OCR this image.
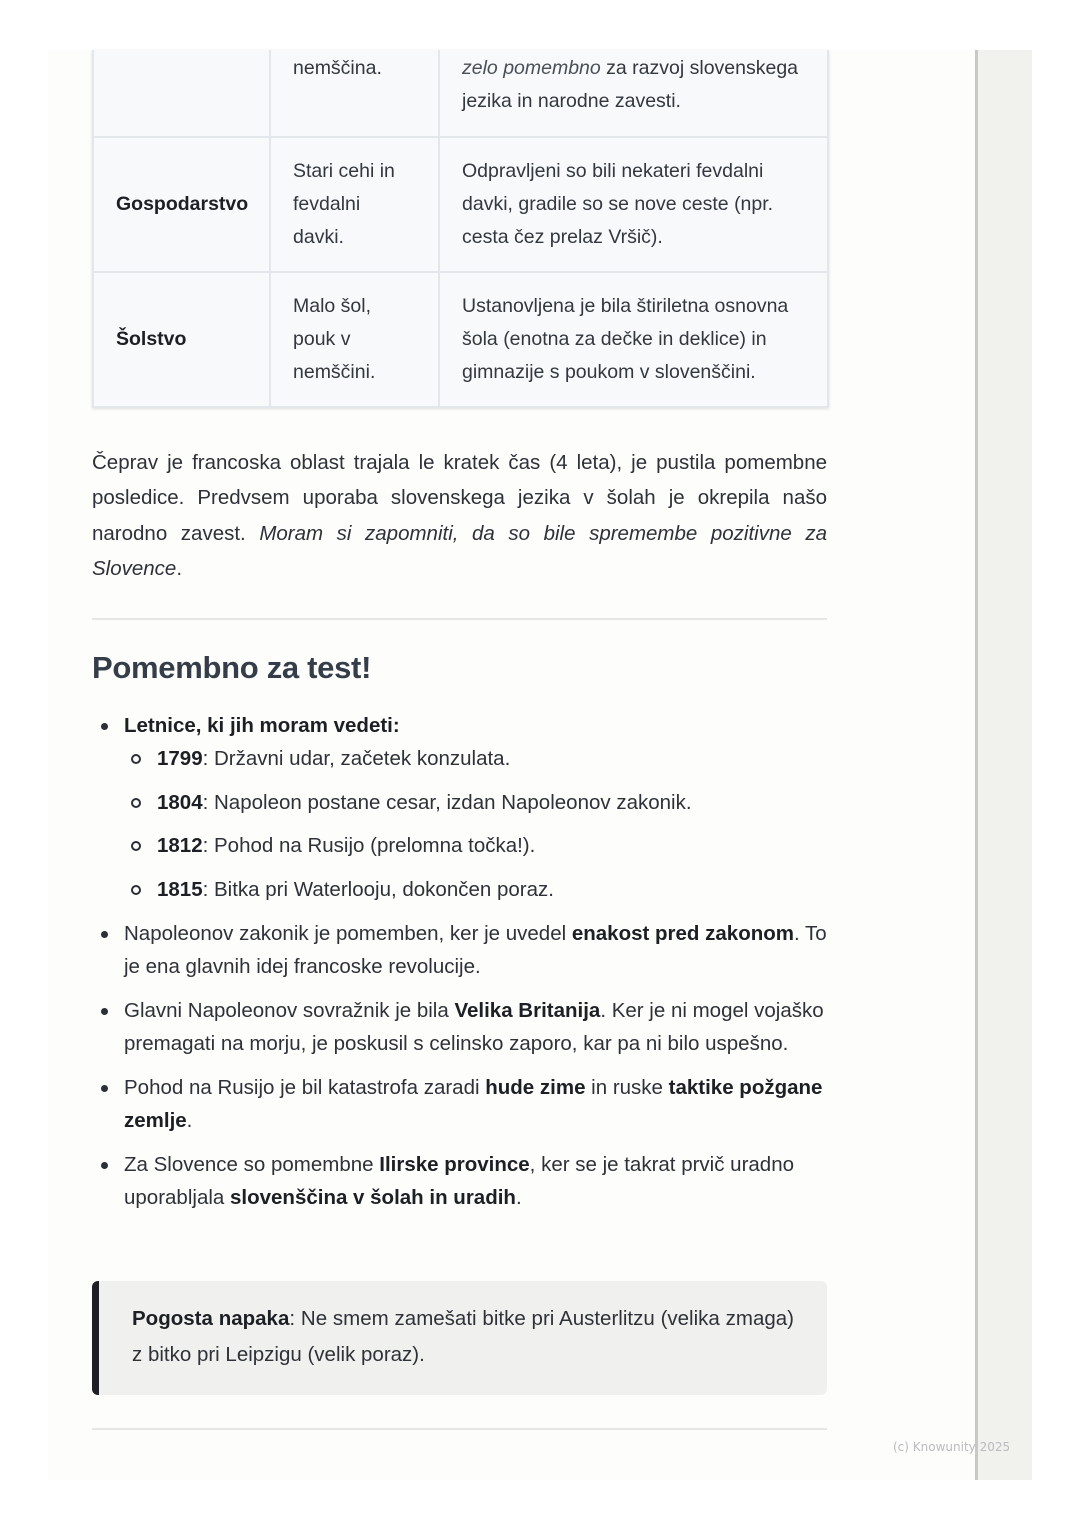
	nemščina.	zelo pomembno za razvoj slovenskega jezika in narodne zavesti.
Gospodarstvo	Stari cehi in fevdalni davki.	Odpravljeni so bili nekateri fevdalni davki, gradile so se nove ceste (npr. cesta čez prelaz Vršič).
Šolstvo	Malo šol, pouk v nemščini.	Ustanovljena je bila štiriletna osnovna šola (enotna za dečke in deklice) in gimnazije s poukom v slovenščini.

Čeprav je francoska oblast trajala le kratek čas (4 leta), je pustila pomembne posledice. Predvsem uporaba slovenskega jezika v šolah je okrepila našo narodno zavest. Moram si zapomniti, da so bile spremembe pozitivne za Slovence.

Pomembno za test!
Letnice, ki jih moram vedeti:
1799: Državni udar, začetek konzulata.
1804: Napoleon postane cesar, izdan Napoleonov zakonik.
1812: Pohod na Rusijo (prelomna točka!).
1815: Bitka pri Waterlooju, dokončen poraz.
Napoleonov zakonik je pomemben, ker je uvedel enakost pred zakonom. To je ena glavnih idej francoske revolucije.
Glavni Napoleonov sovražnik je bila Velika Britanija. Ker je ni mogel vojaško premagati na morju, je poskusil s celinsko zaporo, kar pa ni bilo uspešno.
Pohod na Rusijo je bil katastrofa zaradi hude zime in ruske taktike požgane zemlje.
Za Slovence so pomembne Ilirske province, ker se je takrat prvič uradno uporabljala slovenščina v šolah in uradih.
Pogosta napaka: Ne smem zamešati bitke pri Austerlitzu (velika zmaga) z bitko pri Leipzigu (velik poraz).
(c) Knowunity 2025
